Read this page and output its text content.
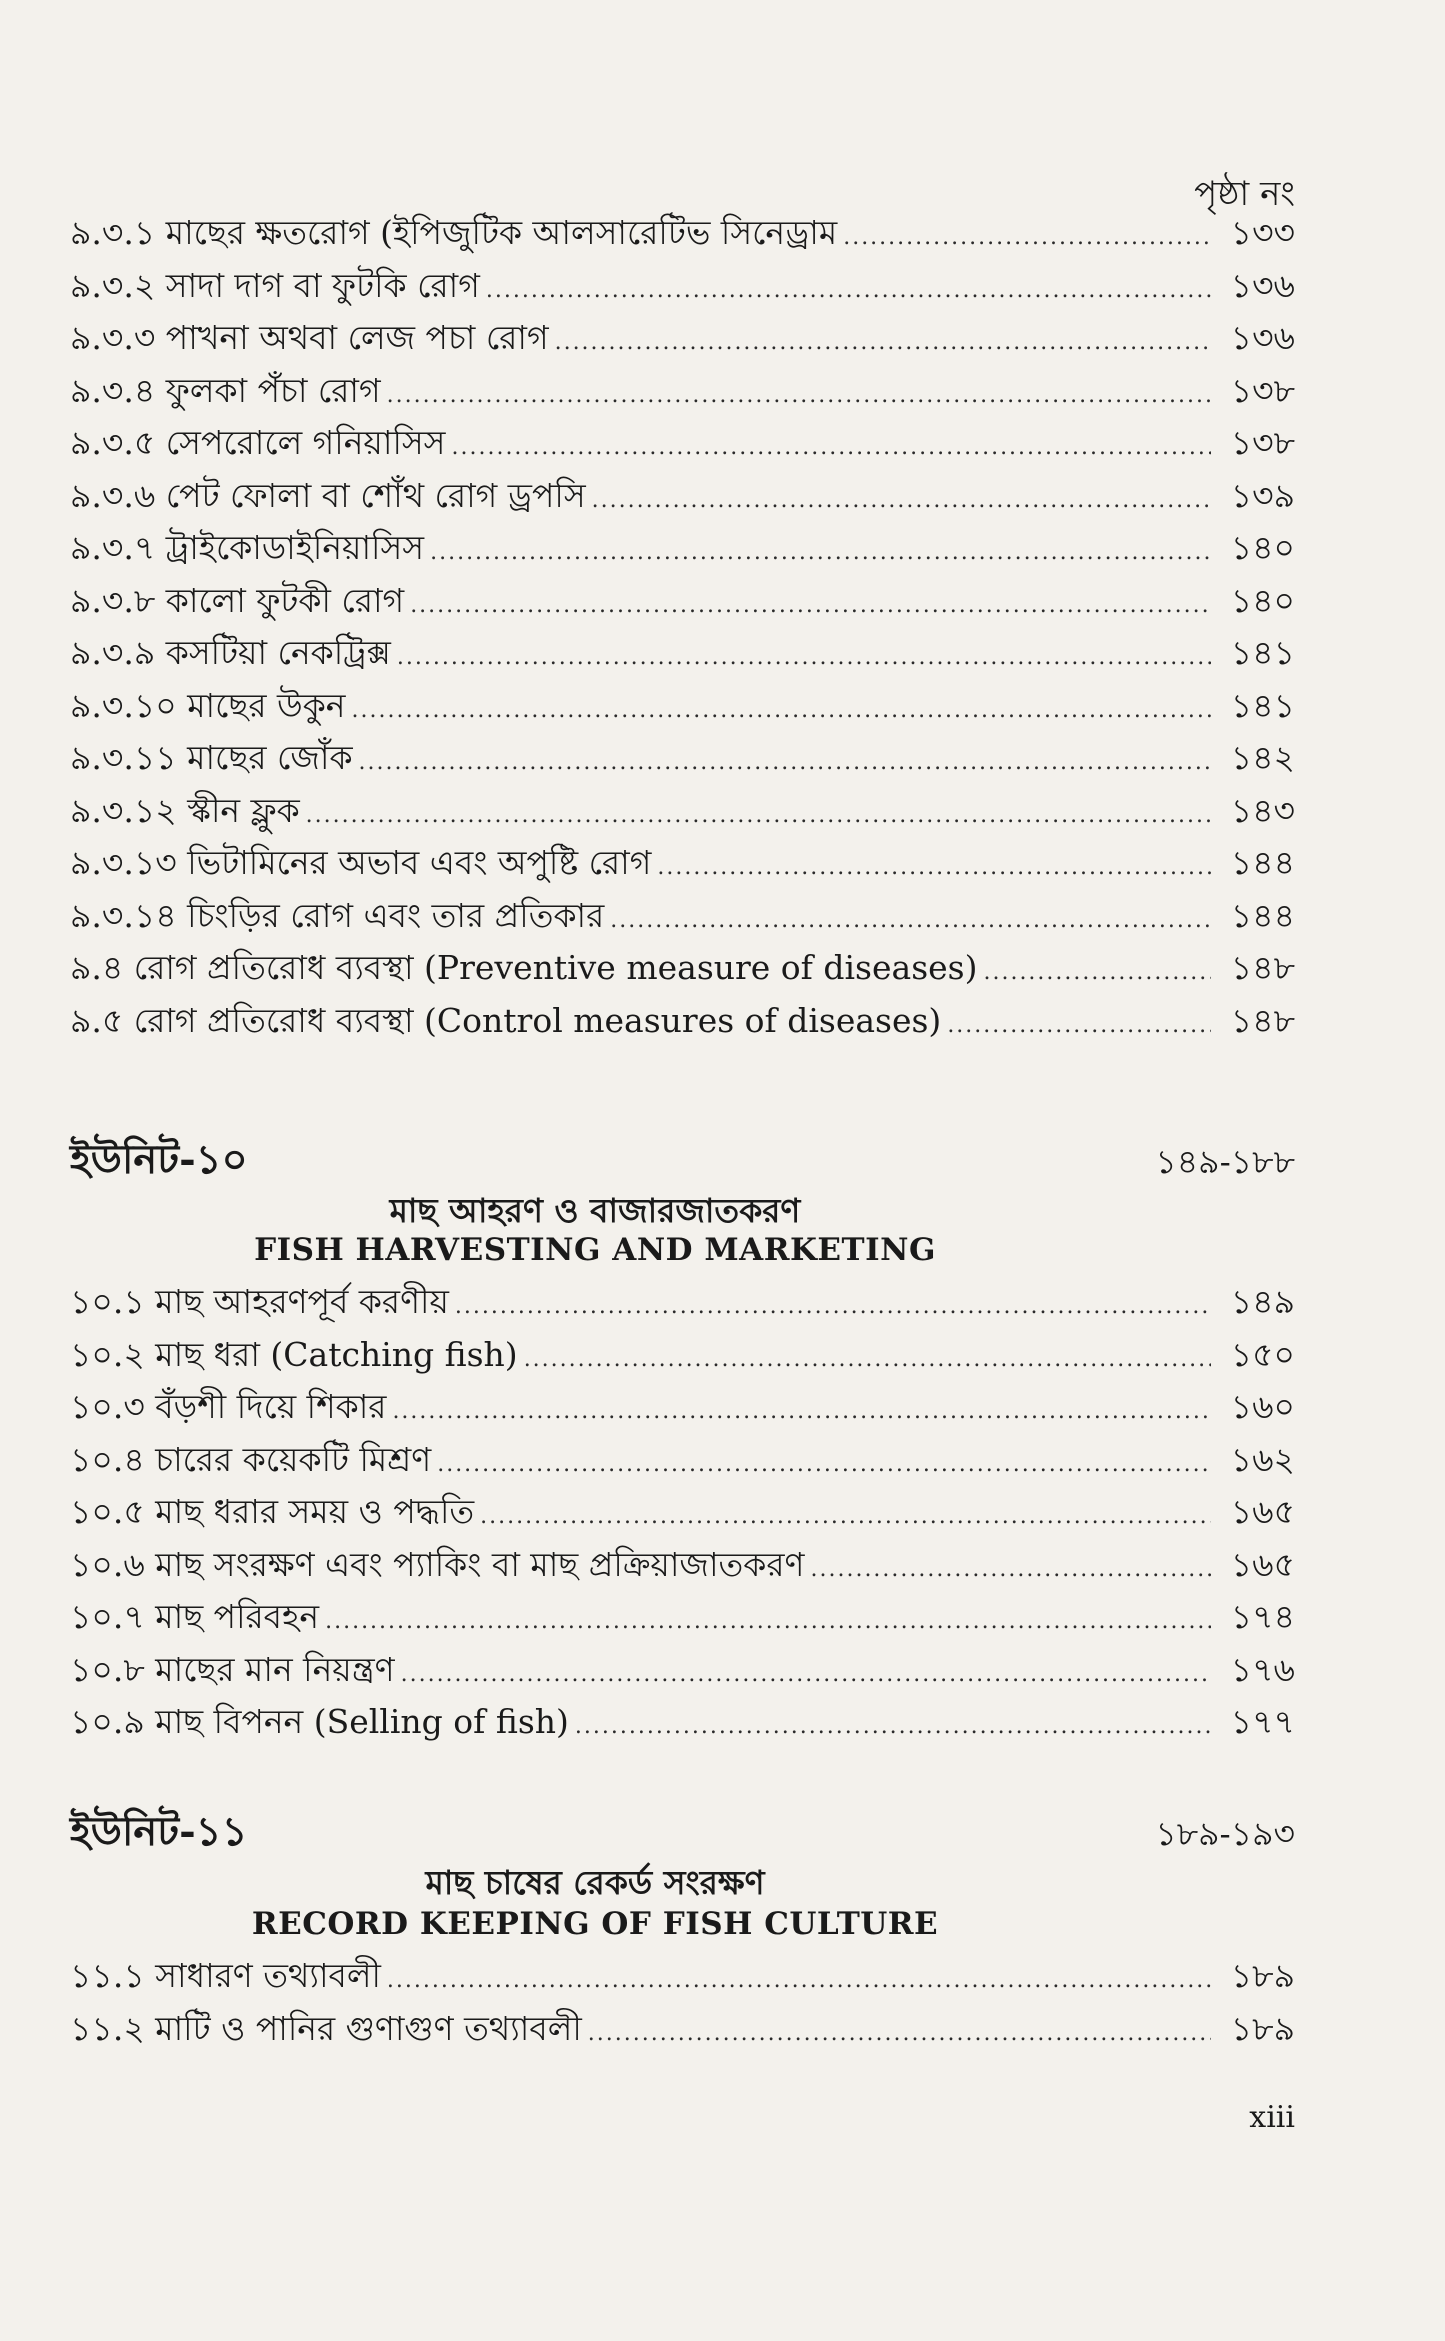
পৃষ্ঠা নং
৯.৩.১ মাছের ক্ষতরোগ (ইপিজুটিক আলসারেটিভ সিনেড্রাম .....	১৩৩
৯.৩.২ সাদা দাগ বা ফুটকি রোগ .....	১৩৬
৯.৩.৩ পাখনা অথবা লেজ পচা রোগ .....	১৩৬
৯.৩.৪ ফুলকা পঁচা রোগ .....	১৩৮
৯.৩.৫ সেপরোলে গনিয়াসিস .....	১৩৮
৯.৩.৬ পেট ফোলা বা শোঁথ রোগ ড্রপসি .....	১৩৯
৯.৩.৭ ট্রাইকোডাইনিয়াসিস .....	১৪০
৯.৩.৮ কালো ফুটকী রোগ .....	১৪০
৯.৩.৯ কসটিয়া নেকট্রিক্স .....	১৪১
৯.৩.১০ মাছের উকুন .....	১৪১
৯.৩.১১ মাছের জোঁক .....	১৪২
৯.৩.১২ স্কীন ফ্লুক .....	১৪৩
৯.৩.১৩ ভিটামিনের অভাব এবং অপুষ্টি রোগ .....	১৪৪
৯.৩.১৪ চিংড়ির রোগ এবং তার প্রতিকার .....	১৪৪
৯.৪ রোগ প্রতিরোধ ব্যবস্থা (Preventive measure of diseases) .....	১৪৮
৯.৫ রোগ প্রতিরোধ ব্যবস্থা (Control measures of diseases) .....	১৪৮
ইউনিট-১০	১৪৯-১৮৮
মাছ আহরণ ও বাজারজাতকরণ
FISH HARVESTING AND MARKETING
১০.১ মাছ আহরণপূর্ব করণীয় .....	১৪৯
১০.২ মাছ ধরা (Catching fish) .....	১৫০
১০.৩ বঁড়শী দিয়ে শিকার .....	১৬০
১০.৪ চারের কয়েকটি মিশ্রণ .....	১৬২
১০.৫ মাছ ধরার সময় ও পদ্ধতি .....	১৬৫
১০.৬ মাছ সংরক্ষণ এবং প্যাকিং বা মাছ প্রক্রিয়াজাতকরণ .....	১৬৫
১০.৭ মাছ পরিবহন .....	১৭৪
১০.৮ মাছের মান নিয়ন্ত্রণ .....	১৭৬
১০.৯ মাছ বিপনন (Selling of fish) .....	১৭৭
ইউনিট-১১	১৮৯-১৯৩
মাছ চাষের রেকর্ড সংরক্ষণ
RECORD KEEPING OF FISH CULTURE
১১.১ সাধারণ তথ্যাবলী .....	১৮৯
১১.২ মাটি ও পানির গুণাগুণ তথ্যাবলী .....	১৮৯
xiii
